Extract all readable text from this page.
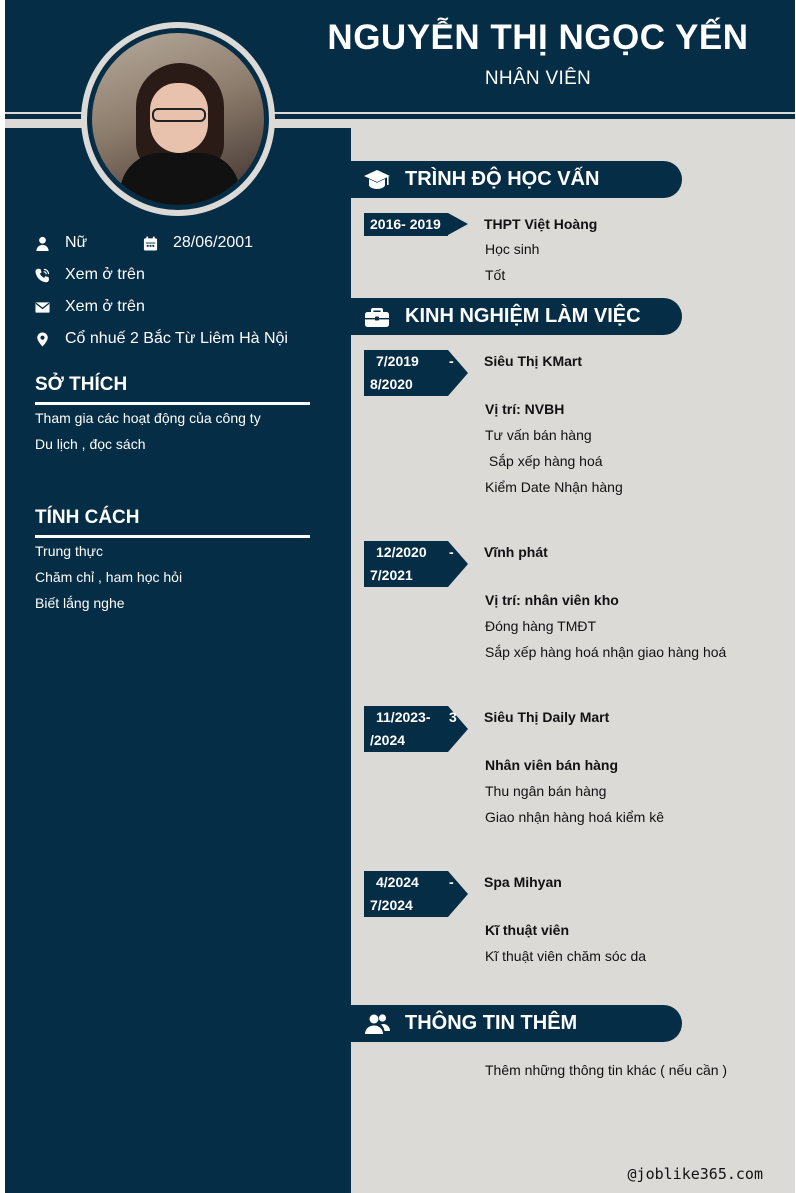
NGUYỄN THỊ NGỌC YẾN
NHÂN VIÊN
Nữ	28/06/2001
Xem ở trên
Xem ở trên
Cổ nhuế 2 Bắc Từ Liêm Hà Nội
SỞ THÍCH
Tham gia các hoạt động của công ty
Du lịch , đọc sách
TÍNH CÁCH
Trung thực
Chăm chỉ , ham học hỏi
Biết lắng nghe
TRÌNH ĐỘ HỌC VẤN
2016- 2019	THPT Việt Hoàng
Học sinh
Tốt
KINH NGHIỆM LÀM VIỆC
7/2019 -
8/2020
Siêu Thị KMart
Vị trí: NVBH
Tư vấn bán hàng
Sắp xếp hàng hoá
Kiểm Date Nhận hàng
12/2020 -
7/2021
Vĩnh phát
Vị trí: nhân viên kho
Đóng hàng TMĐT
Sắp xếp hàng hoá nhận giao hàng hoá
11/2023- 3
/2024
Siêu Thị Daily Mart
Nhân viên bán hàng
Thu ngân bán hàng
Giao nhận hàng hoá kiểm kê
4/2024 -
7/2024
Spa Mihyan
Kĩ thuật viên
Kĩ thuật viên chăm sóc da
THÔNG TIN THÊM
Thêm những thông tin khác ( nếu cần )
@joblike365.com
